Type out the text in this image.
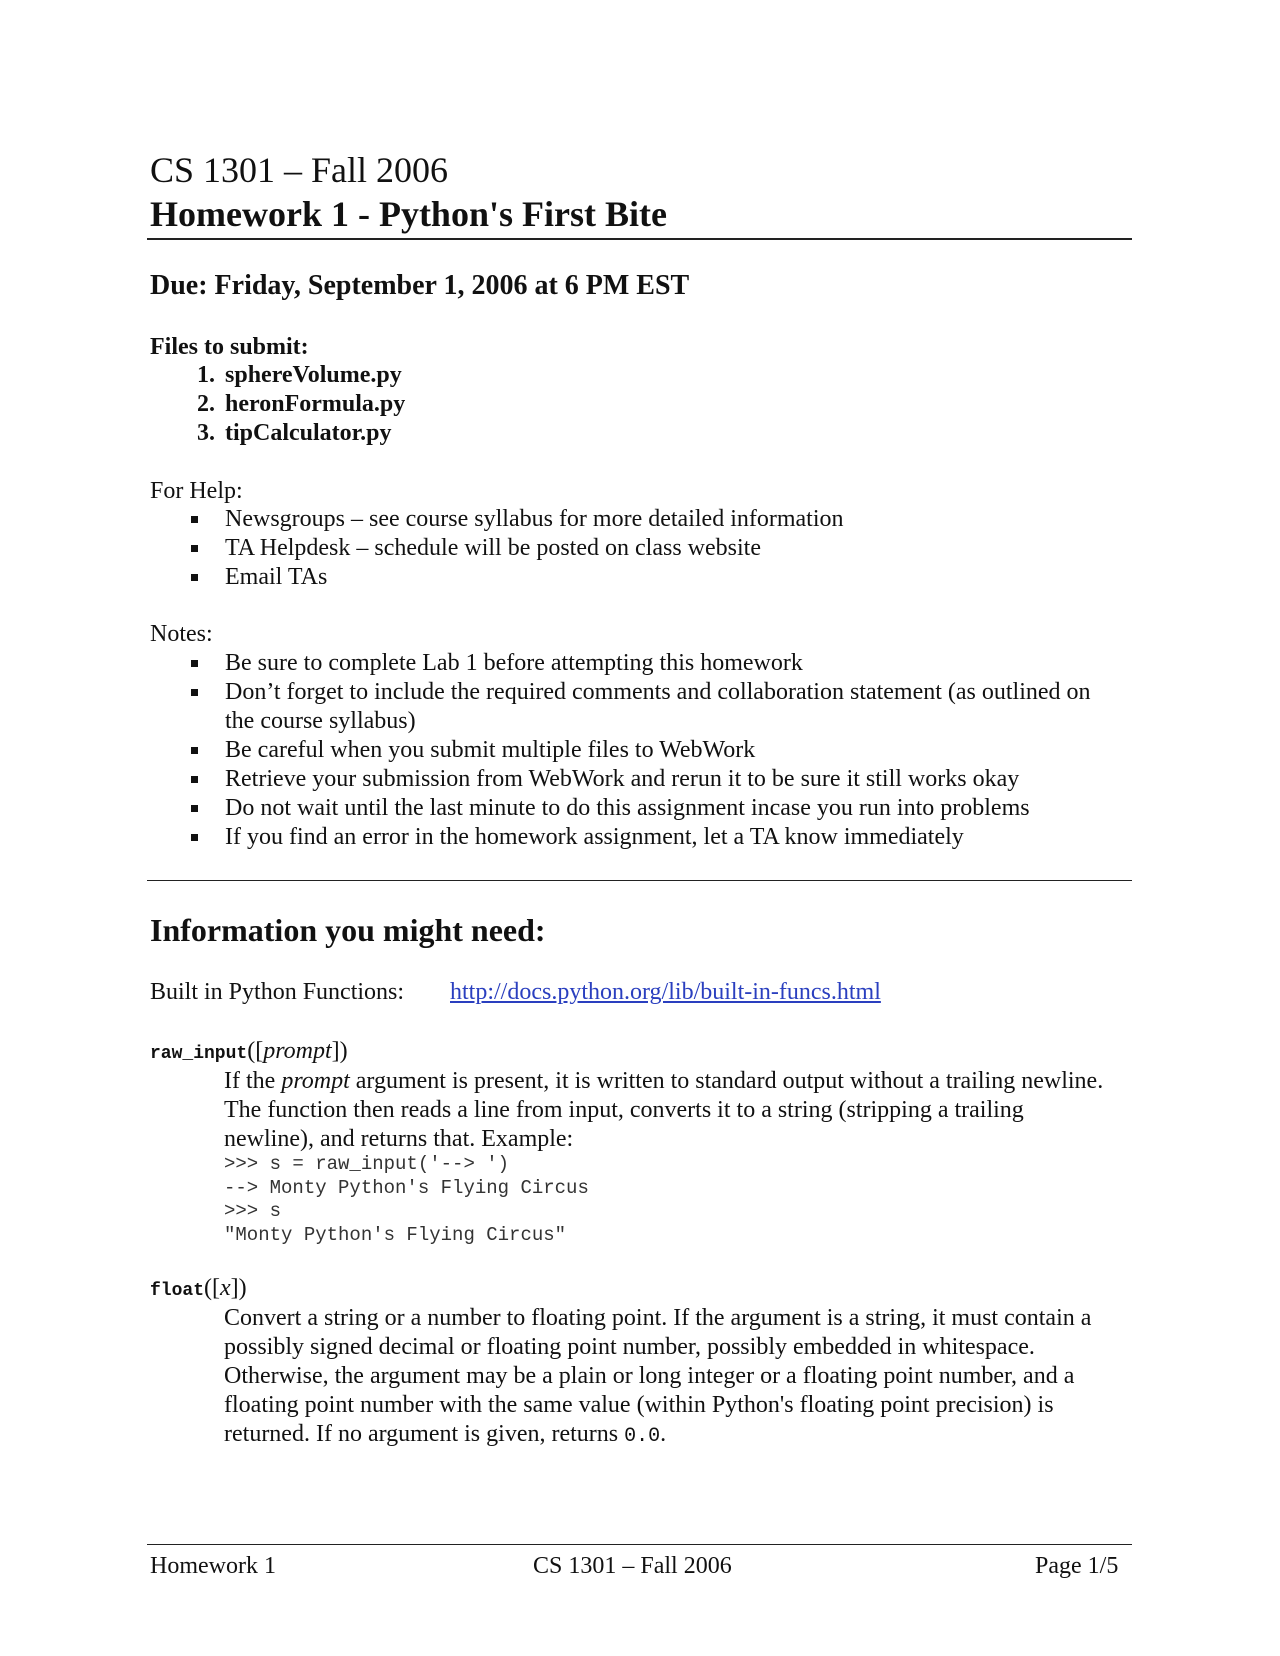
CS 1301 – Fall 2006
Homework 1 - Python's First Bite
Due: Friday, September 1, 2006 at 6 PM EST
Files to submit:
1. sphereVolume.py
2. heronFormula.py
3. tipCalculator.py
For Help:
Newsgroups – see course syllabus for more detailed information
TA Helpdesk – schedule will be posted on class website
Email TAs
Notes:
Be sure to complete Lab 1 before attempting this homework
Don’t forget to include the required comments and collaboration statement (as outlined on the course syllabus)
Be careful when you submit multiple files to WebWork
Retrieve your submission from WebWork and rerun it to be sure it still works okay
Do not wait until the last minute to do this assignment incase you run into problems
If you find an error in the homework assignment, let a TA know immediately
Information you might need:
Built in Python Functions: http://docs.python.org/lib/built-in-funcs.html
raw_input([prompt])
If the prompt argument is present, it is written to standard output without a trailing newline. The function then reads a line from input, converts it to a string (stripping a trailing newline), and returns that. Example:
>>> s = raw_input('--> ')
--> Monty Python's Flying Circus
>>> s
"Monty Python's Flying Circus"
float([x])
Convert a string or a number to floating point. If the argument is a string, it must contain a possibly signed decimal or floating point number, possibly embedded in whitespace. Otherwise, the argument may be a plain or long integer or a floating point number, and a floating point number with the same value (within Python's floating point precision) is returned. If no argument is given, returns 0.0.
Homework 1	CS 1301 – Fall 2006	Page 1/5
